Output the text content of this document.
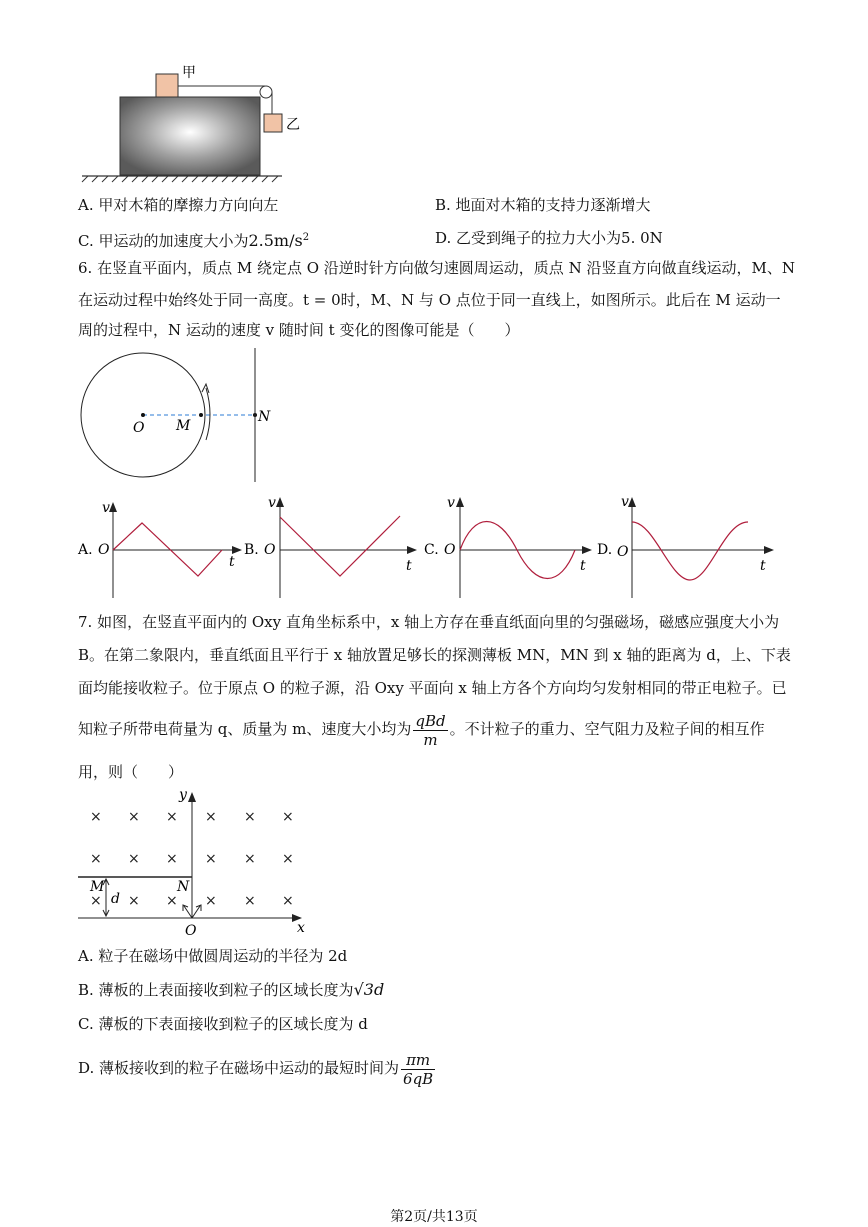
甲
乙
A. 甲对木箱的摩擦力方向向左	B. 地面对木箱的支持力逐渐增大
C. 甲运动的加速度大小为$2.5m/s^2$	D. 乙受到绳子的拉力大小为5. 0N
6. 在竖直平面内，质点 M 绕定点 O 沿逆时针方向做匀速圆周运动，质点 N 沿竖直方向做直线运动，M、N
在运动过程中始终处于同一高度。t = 0时，M、N 与 O 点位于同一直线上，如图所示。此后在 M 运动一
周的过程中，N 运动的速度 v 随时间 t 变化的图像可能是（　　）
O M
N
A. O
v
t
B. O
v
t
C. O
v
t
D. O
v
t
7. 如图，在竖直平面内的 Oxy 直角坐标系中，x 轴上方存在垂直纸面向里的匀强磁场，磁感应强度大小为
B。在第二象限内，垂直纸面且平行于 x 轴放置足够长的探测薄板 MN，MN 到 x 轴的距离为 d，上、下表
面均能接收粒子。位于原点 O 的粒子源，沿 Oxy 平面向 x 轴上方各个方向均匀发射相同的带正电粒子。已
知粒子所带电荷量为 q、质量为 m、速度大小均为 $\frac{\text{qBd}}{m}$ 。不计粒子的重力、空气阻力及粒子间的相互作
用，则（　　）
× × × × × ×
× × × × × ×
× × × × × ×
y
x
O
M	N
d
A. 粒子在磁场中做圆周运动的半径为 2d
B. 薄板的上表面接收到粒子的区域长度为√3d
C. 薄板的下表面接收到粒子的区域长度为 d
D. 薄板接收到的粒子在磁场中运动的最短时间为 $\frac{\pi m}{6qB}$
第2页/共13页
